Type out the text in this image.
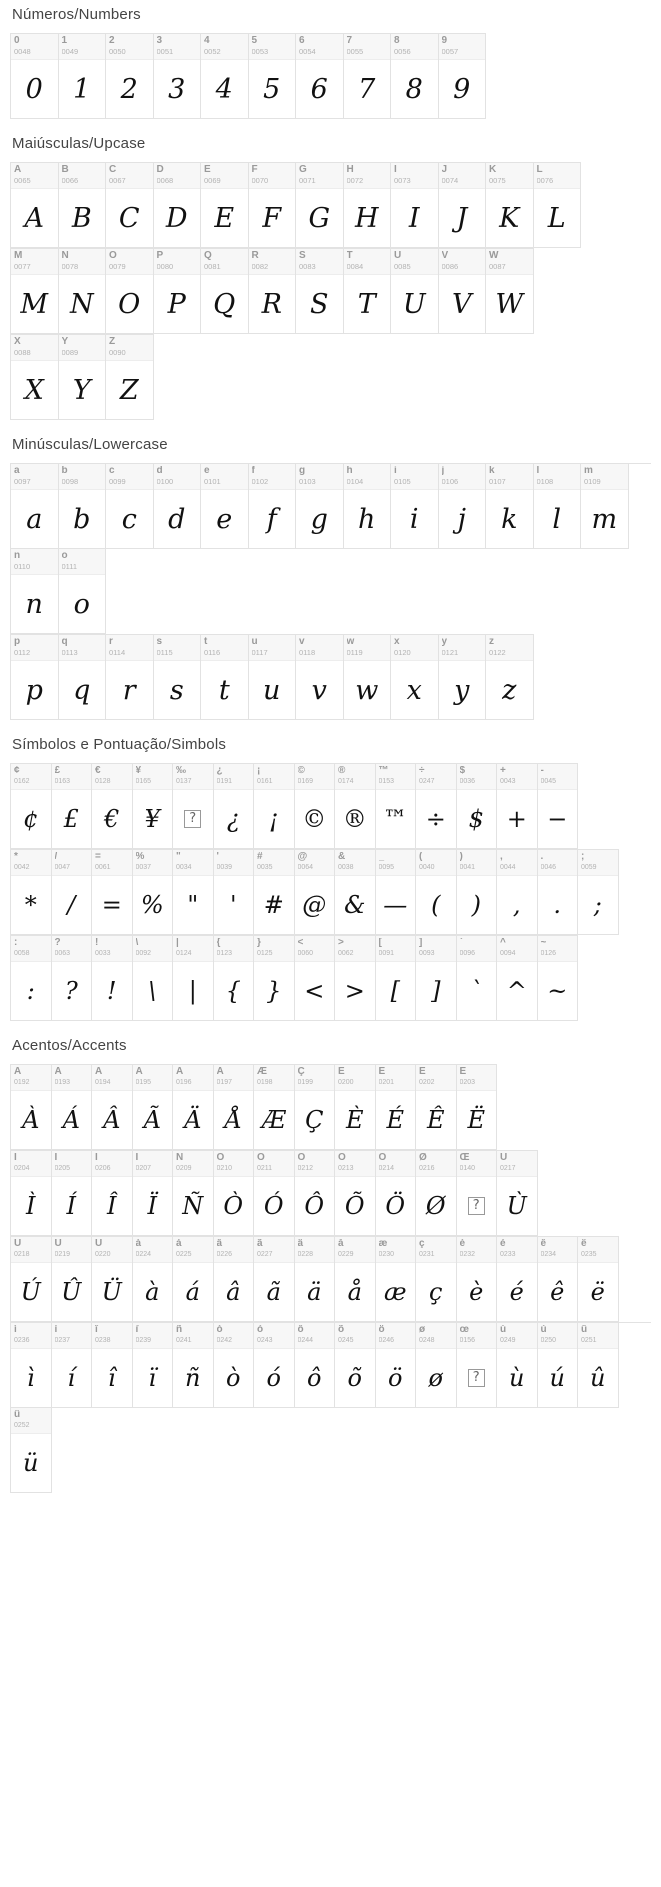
Números/Numbers
0
0048
0
1
0049
1
2
0050
2
3
0051
3
4
0052
4
5
0053
5
6
0054
6
7
0055
7
8
0056
8
9
0057
9
Maiúsculas/Upcase
A
0065
A
B
0066
B
C
0067
C
D
0068
D
E
0069
E
F
0070
F
G
0071
G
H
0072
H
I
0073
I
J
0074
J
K
0075
K
L
0076
L
M
0077
M
N
0078
N
O
0079
O
P
0080
P
Q
0081
Q
R
0082
R
S
0083
S
T
0084
T
U
0085
U
V
0086
V
W
0087
W
X
0088
X
Y
0089
Y
Z
0090
Z
Minúsculas/Lowercase
a
0097
a
b
0098
b
c
0099
c
d
0100
d
e
0101
e
f
0102
f
g
0103
g
h
0104
h
i
0105
i
j
0106
j
k
0107
k
l
0108
l
m
0109
m
n
0110
n
o
0111
o
p
0112
p
q
0113
q
r
0114
r
s
0115
s
t
0116
t
u
0117
u
v
0118
v
w
0119
w
x
0120
x
y
0121
y
z
0122
z
Símbolos e Pontuação/Simbols
¢
0162
¢
£
0163
£
€
0128
€
¥
0165
¥
‰
0137
?
¿
0191
¿
¡
0161
¡
©
0169
©
®
0174
®
™
0153
™
÷
0247
÷
$
0036
$
+
0043
+
-
0045
−
*
0042
*
/
0047
/
=
0061
=
%
0037
%
"
0034
"
'
0039
'
#
0035
#
@
0064
@
&
0038
&
_
0095
—
(
0040
(
)
0041
)
,
0044
,
.
0046
.
;
0059
;
:
0058
:
?
0063
?
!
0033
!
\
0092
\
|
0124
|
{
0123
{
}
0125
}
<
0060
<
>
0062
>
[
0091
[
]
0093
]
`
0096
`
^
0094
^
~
0126
~
Acentos/Accents
À
0192
À
Á
0193
Á
Â
0194
Â
Ã
0195
Ã
Ä
0196
Ä
Å
0197
Å
Æ
0198
Æ
Ç
0199
Ç
È
0200
È
É
0201
É
Ê
0202
Ê
Ë
0203
Ë
Ì
0204
Ì
Í
0205
Í
Î
0206
Î
Ï
0207
Ï
Ñ
0209
Ñ
Ò
0210
Ò
Ó
0211
Ó
Ô
0212
Ô
Õ
0213
Õ
Ö
0214
Ö
Ø
0216
Ø
Œ
0140
?
Ù
0217
Ù
Ú
0218
Ú
Û
0219
Û
Ü
0220
Ü
à
0224
à
á
0225
á
â
0226
â
ã
0227
ã
ä
0228
ä
å
0229
å
æ
0230
æ
ç
0231
ç
è
0232
è
é
0233
é
ê
0234
ê
ë
0235
ë
ì
0236
ì
í
0237
í
î
0238
î
ï
0239
ï
ñ
0241
ñ
ò
0242
ò
ó
0243
ó
ô
0244
ô
õ
0245
õ
ö
0246
ö
ø
0248
ø
œ
0156
?
ù
0249
ù
ú
0250
ú
û
0251
û
ü
0252
ü
